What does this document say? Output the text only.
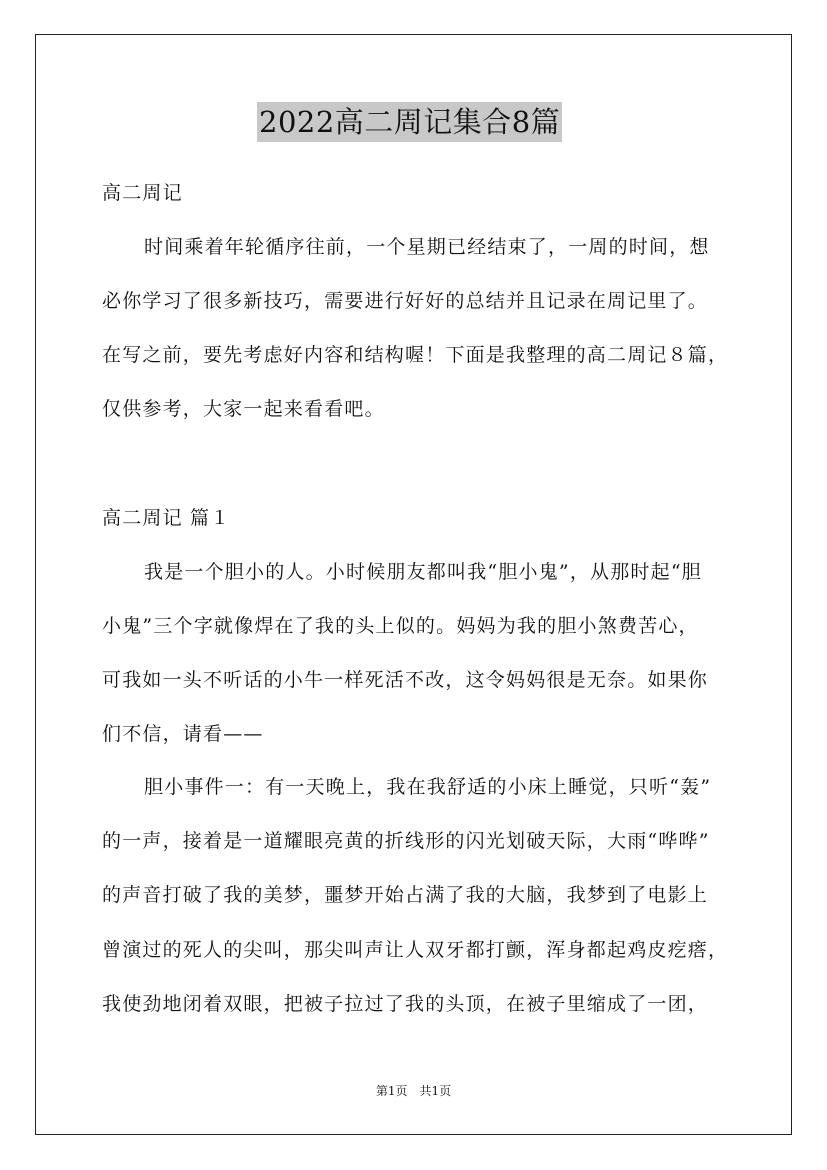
2022高二周记集合8篇
高二周记
时间乘着年轮循序往前，一个星期已经结束了，一周的时间，想
必你学习了很多新技巧，需要进行好好的总结并且记录在周记里了。
在写之前，要先考虑好内容和结构喔！下面是我整理的高二周记８篇，
仅供参考，大家一起来看看吧。
高二周记 篇１
我是一个胆小的人。小时候朋友都叫我“胆小鬼”，从那时起“胆
小鬼”三个字就像焊在了我的头上似的。妈妈为我的胆小煞费苦心，
可我如一头不听话的小牛一样死活不改，这令妈妈很是无奈。如果你
们不信，请看——
胆小事件一：有一天晚上，我在我舒适的小床上睡觉，只听“轰”
的一声，接着是一道耀眼亮黄的折线形的闪光划破天际，大雨“哗哗”
的声音打破了我的美梦，噩梦开始占满了我的大脑，我梦到了电影上
曾演过的死人的尖叫，那尖叫声让人双牙都打颤，浑身都起鸡皮疙瘩，
我使劲地闭着双眼，把被子拉过了我的头顶，在被子里缩成了一团，
第1页　共1页
